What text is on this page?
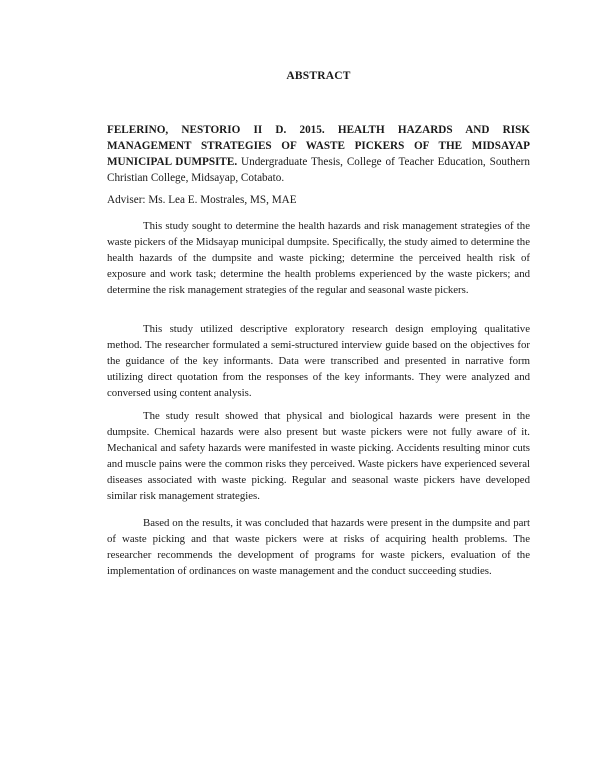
ABSTRACT
FELERINO, NESTORIO II D. 2015. HEALTH HAZARDS AND RISK MANAGEMENT STRATEGIES OF WASTE PICKERS OF THE MIDSAYAP MUNICIPAL DUMPSITE. Undergraduate Thesis, College of Teacher Education, Southern Christian College, Midsayap, Cotabato.
Adviser: Ms. Lea E. Mostrales, MS, MAE

This study sought to determine the health hazards and risk management strategies of the waste pickers of the Midsayap municipal dumpsite. Specifically, the study aimed to determine the health hazards of the dumpsite and waste picking; determine the perceived health risk of exposure and work task; determine the health problems experienced by the waste pickers; and determine the risk management strategies of the regular and seasonal waste pickers.

This study utilized descriptive exploratory research design employing qualitative method. The researcher formulated a semi-structured interview guide based on the objectives for the guidance of the key informants. Data were transcribed and presented in narrative form utilizing direct quotation from the responses of the key informants. They were analyzed and conversed using content analysis.

The study result showed that physical and biological hazards were present in the dumpsite. Chemical hazards were also present but waste pickers were not fully aware of it. Mechanical and safety hazards were manifested in waste picking. Accidents resulting minor cuts and muscle pains were the common risks they perceived. Waste pickers have experienced several diseases associated with waste picking. Regular and seasonal waste pickers have developed similar risk management strategies.

Based on the results, it was concluded that hazards were present in the dumpsite and part of waste picking and that waste pickers were at risks of acquiring health problems. The researcher recommends the development of programs for waste pickers, evaluation of the implementation of ordinances on waste management and the conduct succeeding studies.
